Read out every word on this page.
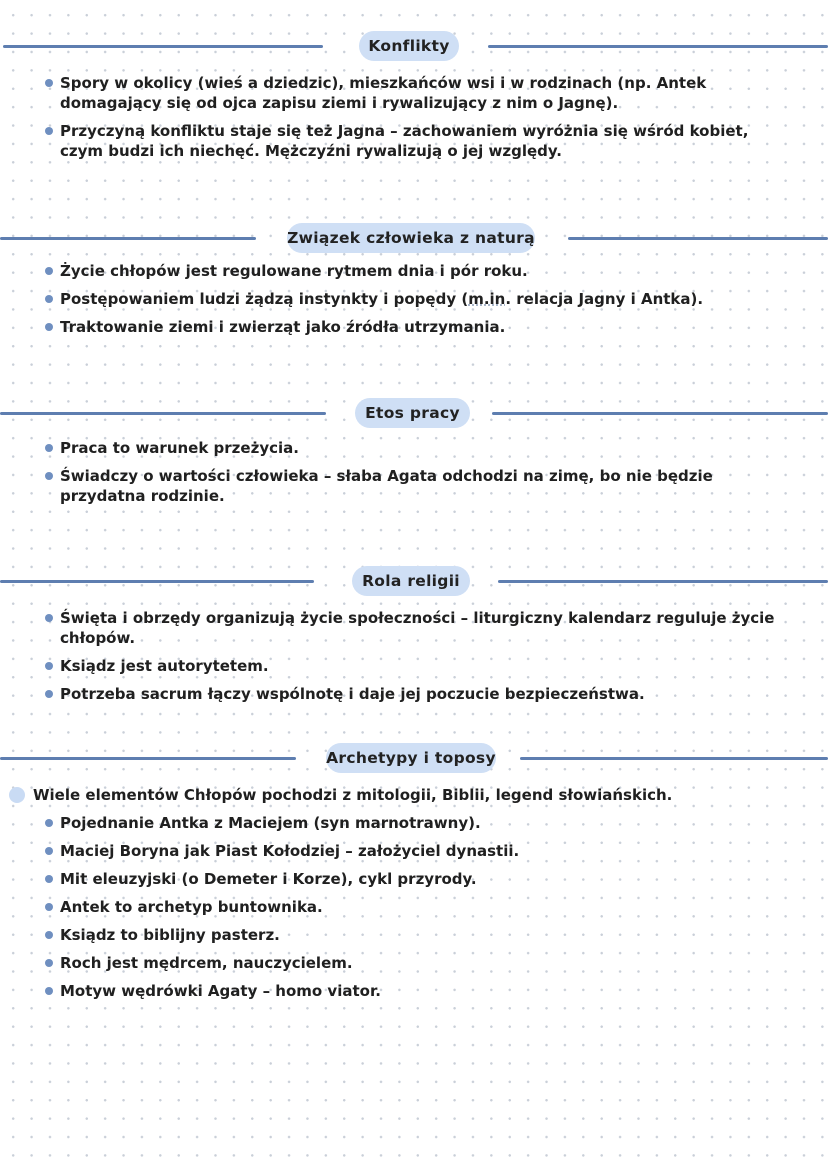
Konflikty
Spory w okolicy (wieś a dziedzic), mieszkańców wsi i w rodzinach (np. Antek domagający się od ojca zapisu ziemi i rywalizujący z nim o Jagnę).
Przyczyną konfliktu staje się też Jagna – zachowaniem wyróżnia się wśród kobiet, czym budzi ich niechęć. Mężczyźni rywalizują o jej względy.
Związek człowieka z naturą
Życie chłopów jest regulowane rytmem dnia i pór roku.
Postępowaniem ludzi żądzą instynkty i popędy (m.in. relacja Jagny i Antka).
Traktowanie ziemi i zwierząt jako źródła utrzymania.
Etos pracy
Praca to warunek przeżycia.
Świadczy o wartości człowieka – słaba Agata odchodzi na zimę, bo nie będzie przydatna rodzinie.
Rola religii
Święta i obrzędy organizują życie społeczności – liturgiczny kalendarz reguluje życie chłopów.
Ksiądz jest autorytetem.
Potrzeba sacrum łączy wspólnotę i daje jej poczucie bezpieczeństwa.
Archetypy i toposy
Wiele elementów Chłopów pochodzi z mitologii, Biblii, legend słowiańskich.
Pojednanie Antka z Maciejem (syn marnotrawny).
Maciej Boryna jak Piast Kołodziej – założyciel dynastii.
Mit eleuzyjski (o Demeter i Korze), cykl przyrody.
Antek to archetyp buntownika.
Ksiądz to biblijny pasterz.
Roch jest mędrcem, nauczycielem.
Motyw wędrówki Agaty – homo viator.
